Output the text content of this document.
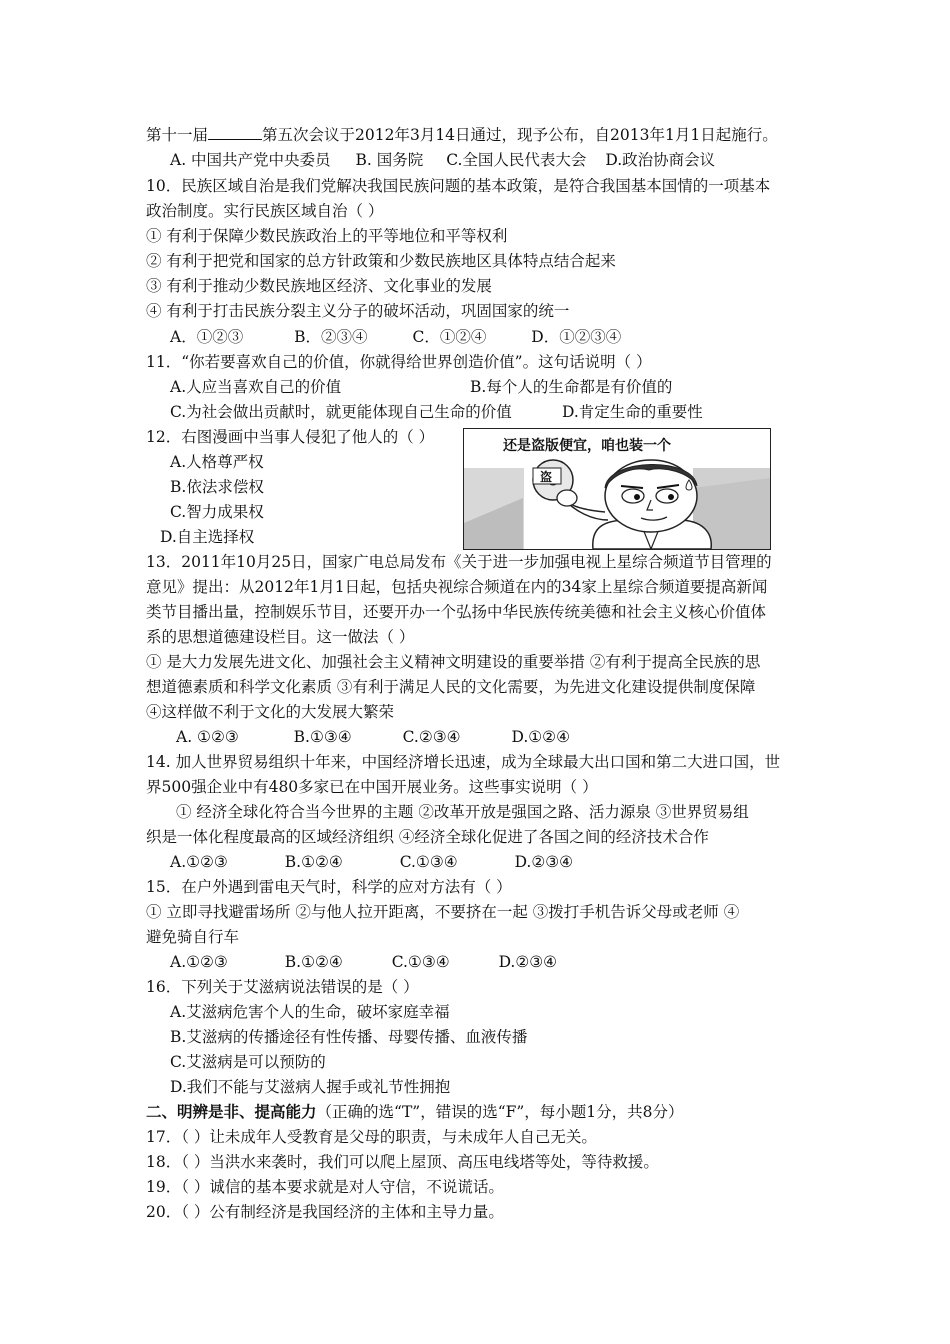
第十一届	第五次会议于2012年3月14日通过，现予公布，自2013年1月1日起施行。
A. 中国共产党中央委员 B. 国务院 C.全国人民代表大会 D.政治协商会议
10．民族区域自治是我们党解决我国民族问题的基本政策，是符合我国基本国情的一项基本
政治制度。实行民族区域自治（ ）
① 有利于保障少数民族政治上的平等地位和平等权利
② 有利于把党和国家的总方针政策和少数民族地区具体特点结合起来
③ 有利于推动少数民族地区经济、文化事业的发展
④ 有利于打击民族分裂主义分子的破坏活动，巩固国家的统一
A．①②③	B．②③④	C．①②④	D．①②③④
11．“你若要喜欢自己的价值，你就得给世界创造价值”。这句话说明（ ）
A.人应当喜欢自己的价值	B.每个人的生命都是有价值的
C.为社会做出贡献时，就更能体现自己生命的价值	D.肯定生命的重要性
12．右图漫画中当事人侵犯了他人的（ ）
A.人格尊严权
B.依法求偿权
C.智力成果权
D.自主选择权
还是盗版便宜，咱也装一个
盗
13．2011年10月25日，国家广电总局发布《关于进一步加强电视上星综合频道节目管理的
意见》提出：从2012年1月1日起，包括央视综合频道在内的34家上星综合频道要提高新闻
类节目播出量，控制娱乐节目，还要开办一个弘扬中华民族传统美德和社会主义核心价值体
系的思想道德建设栏目。这一做法（ ）
① 是大力发展先进文化、加强社会主义精神文明建设的重要举措 ②有利于提高全民族的思
想道德素质和科学文化素质 ③有利于满足人民的文化需要，为先进文化建设提供制度保障
④这样做不利于文化的大发展大繁荣
A. ①②③	B.①③④	C.②③④	D.①②④
14. 加人世界贸易组织十年来，中国经济增长迅速，成为全球最大出口国和第二大进口国，世
界500强企业中有480多家已在中国开展业务。这些事实说明（ ）
① 经济全球化符合当今世界的主题 ②改革开放是强国之路、活力源泉 ③世界贸易组
织是一体化程度最高的区域经济组织 ④经济全球化促进了各国之间的经济技术合作
A.①②③	B.①②④	C.①③④	D.②③④
15．在户外遇到雷电天气时，科学的应对方法有（ ）
① 立即寻找避雷场所 ②与他人拉开距离，不要挤在一起 ③拨打手机告诉父母或老师 ④
避免骑自行车
A.①②③	B.①②④	C.①③④	D.②③④
16．下列关于艾滋病说法错误的是（ ）
A.艾滋病危害个人的生命，破坏家庭幸福
B.艾滋病的传播途径有性传播、母婴传播、血液传播
C.艾滋病是可以预防的
D.我们不能与艾滋病人握手或礼节性拥抱
二、明辨是非、提高能力（正确的选“T”，错误的选“F”，每小题1分，共8分）
17．（ ）让未成年人受教育是父母的职责，与未成年人自己无关。
18．（ ）当洪水来袭时，我们可以爬上屋顶、高压电线塔等处，等待救援。
19．（ ）诚信的基本要求就是对人守信，不说谎话。
20．（ ）公有制经济是我国经济的主体和主导力量。
